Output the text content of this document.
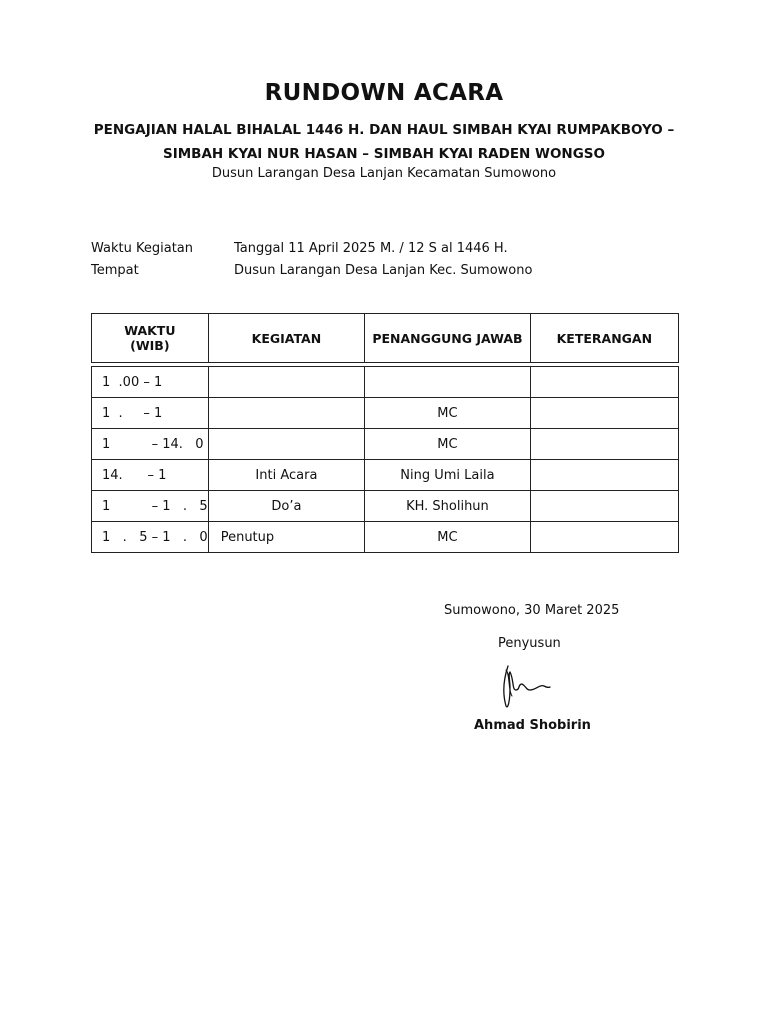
RUNDOWN ACARA
PENGAJIAN HALAL BIHALAL 1446 H. DAN HAUL SIMBAH KYAI RUMPAKBOYO –
SIMBAH KYAI NUR HASAN – SIMBAH KYAI RADEN WONGSO
Dusun Larangan Desa Lanjan Kecamatan Sumowono
Waktu Kegiatan	Tanggal 11 April 2025 M. / 12 S al 1446 H.
Tempat	Dusun Larangan Desa Lanjan Kec. Sumowono
WAKTU
(WIB)	KEGIATAN	PENANGGUNG JAWAB	KETERANGAN

1  .00 – 1			
1  .     – 1		MC	
1          – 14.   0		MC	
14.      – 1	Inti Acara	Ning Umi Laila	
1          – 1   .   5	Do’a	KH. Sholihun	
1   .   5 – 1   .   0	Penutup	MC	
Sumowono, 30 Maret 2025
Penyusun
Ahmad Shobirin
